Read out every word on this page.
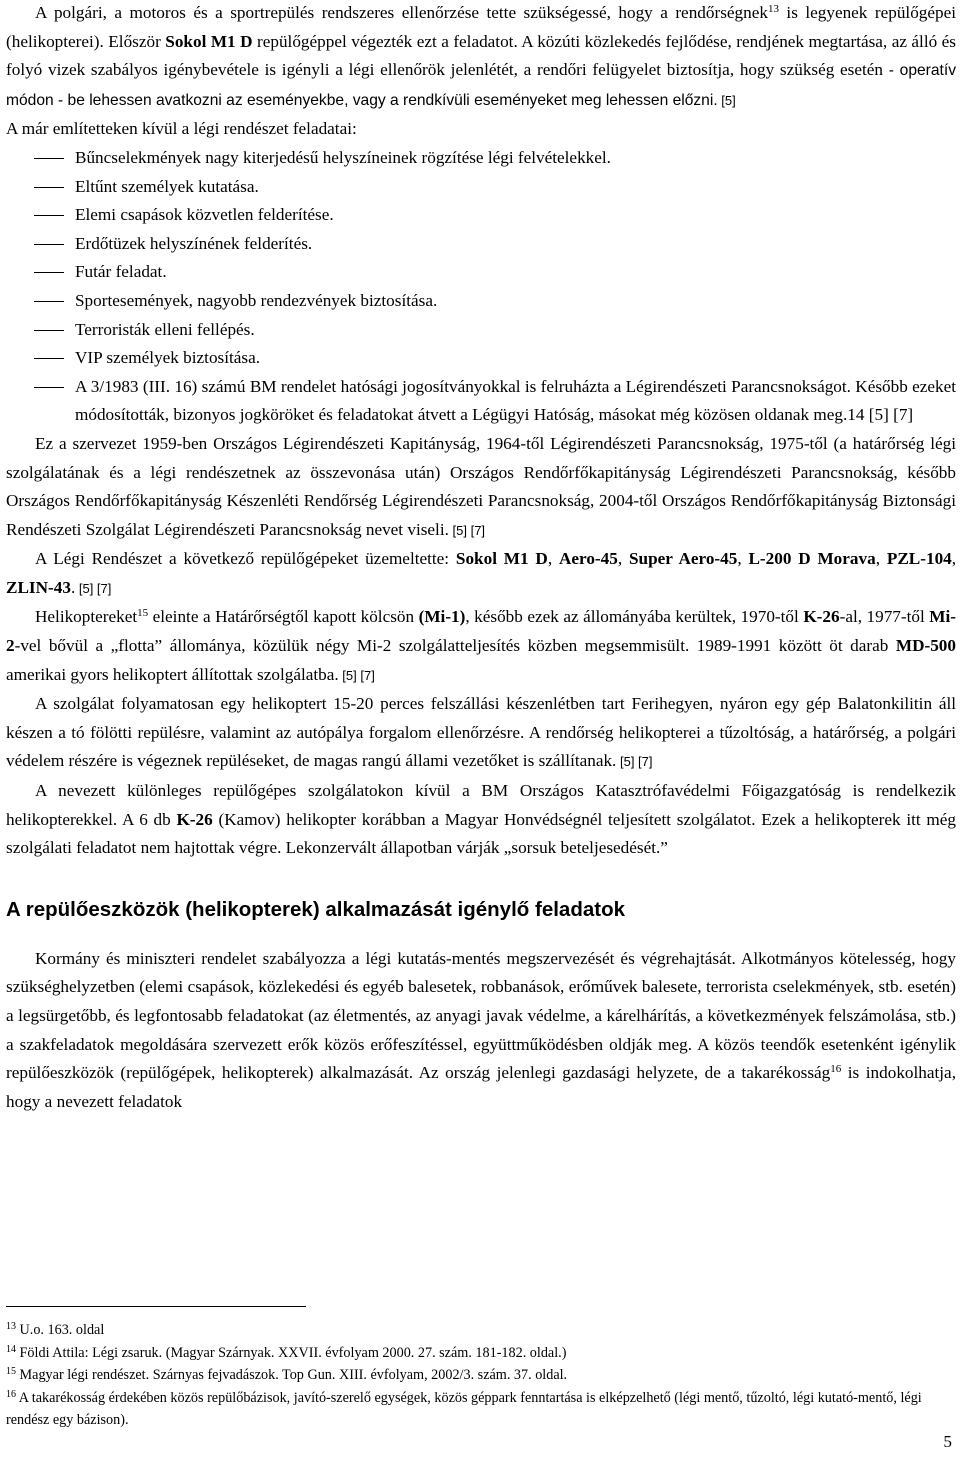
A polgári, a motoros és a sportrepülés rendszeres ellenőrzése tette szükségessé, hogy a rendőrségnek$^{13}$ is legyenek repülőgépei (helikopterei). Először Sokol M1 D repülőgéppel végezték ezt a feladatot. A közúti közlekedés fejlődése, rendjének megtartása, az álló és folyó vizek szabályos igénybevétele is igényli a légi ellenőrök jelenlétét, a rendőri felügyelet biztosítja, hogy szükség esetén - operatív módon - be lehessen avatkozni az eseményekbe, vagy a rendkívüli eseményeket meg lehessen előzni. [5]

A már említetteken kívül a légi rendészet feladatai:

Bűncselekmények nagy kiterjedésű helyszíneinek rögzítése légi felvételekkel.
Eltűnt személyek kutatása.
Elemi csapások közvetlen felderítése.
Erdőtüzek helyszínének felderítés.
Futár feladat.
Sportesemények, nagyobb rendezvények biztosítása.
Terroristák elleni fellépés.
VIP személyek biztosítása.
A 3/1983 (III. 16) számú BM rendelet hatósági jogosítványokkal is felruházta a Légirendészeti Parancsnokságot. Később ezeket módosították, bizonyos jogköröket és feladatokat átvett a Légügyi Hatóság, másokat még közösen oldanak meg.14 [5] [7]

Ez a szervezet 1959-ben Országos Légirendészeti Kapitányság, 1964-től Légirendészeti Parancsnokság, 1975-től (a határőrség légi szolgálatának és a légi rendészetnek az összevonása után) Országos Rendőrfőkapitányság Légirendészeti Parancsnokság, később Országos Rendőrfőkapitányság Készenléti Rendőrség Légirendészeti Parancsnokság, 2004-től Országos Rendőrfőkapitányság Biztonsági Rendészeti Szolgálat Légirendészeti Parancsnokság nevet viseli. [5] [7]

A Légi Rendészet a következő repülőgépeket üzemeltette: Sokol M1 D, Aero-45, Super Aero-45, L-200 D Morava, PZL-104, ZLIN-43. [5] [7]

Helikoptereket$^{15}$ eleinte a Határőrségtől kapott kölcsön (Mi-1), később ezek az állományába kerültek, 1970-től K-26-al, 1977-től Mi-2-vel bővül a „flotta” állománya, közülük négy Mi-2 szolgálatteljesítés közben megsemmisült. 1989-1991 között öt darab MD-500 amerikai gyors helikoptert állítottak szolgálatba. [5] [7]

A szolgálat folyamatosan egy helikoptert 15-20 perces felszállási készenlétben tart Ferihegyen, nyáron egy gép Balatonkilitin áll készen a tó fölötti repülésre, valamint az autópálya forgalom ellenőrzésre. A rendőrség helikopterei a tűzoltóság, a határőrség, a polgári védelem részére is végeznek repüléseket, de magas rangú állami vezetőket is szállítanak. [5] [7]

A nevezett különleges repülőgépes szolgálatokon kívül a BM Országos Katasztrófavédelmi Főigazgatóság is rendelkezik helikopterekkel. A 6 db K-26 (Kamov) helikopter korábban a Magyar Honvédségnél teljesített szolgálatot. Ezek a helikopterek itt még szolgálati feladatot nem hajtottak végre. Lekonzervált állapotban várják „sorsuk beteljesedését.”

A repülőeszközök (helikopterek) alkalmazását igénylő feladatok

Kormány és miniszteri rendelet szabályozza a légi kutatás-mentés megszervezését és végrehajtását. Alkotmányos kötelesség, hogy szükséghelyzetben (elemi csapások, közlekedési és egyéb balesetek, robbanások, erőművek balesete, terrorista cselekmények, stb. esetén) a legsürgetőbb, és legfontosabb feladatokat (az életmentés, az anyagi javak védelme, a kárelhárítás, a következmények felszámolása, stb.) a szakfeladatok megoldására szervezett erők közös erőfeszítéssel, együttműködésben oldják meg. A közös teendők esetenként igénylik repülőeszközök (repülőgépek, helikopterek) alkalmazását. Az ország jelenlegi gazdasági helyzete, de a takarékosság$^{16}$ is indokolhatja, hogy a nevezett feladatok

$^{13}$ U.o. 163. oldal

$^{14}$ Földi Attila: Légi zsaruk. (Magyar Szárnyak. XXVII. évfolyam 2000. 27. szám. 181-182. oldal.)

$^{15}$ Magyar légi rendészet. Szárnyas fejvadászok. Top Gun. XIII. évfolyam, 2002/3. szám. 37. oldal.

$^{16}$ A takarékosság érdekében közös repülőbázisok, javító-szerelő egységek, közös géppark fenntartása is elképzelhető (légi mentő, tűzoltó, légi kutató-mentő, légi rendész egy bázison).

5
